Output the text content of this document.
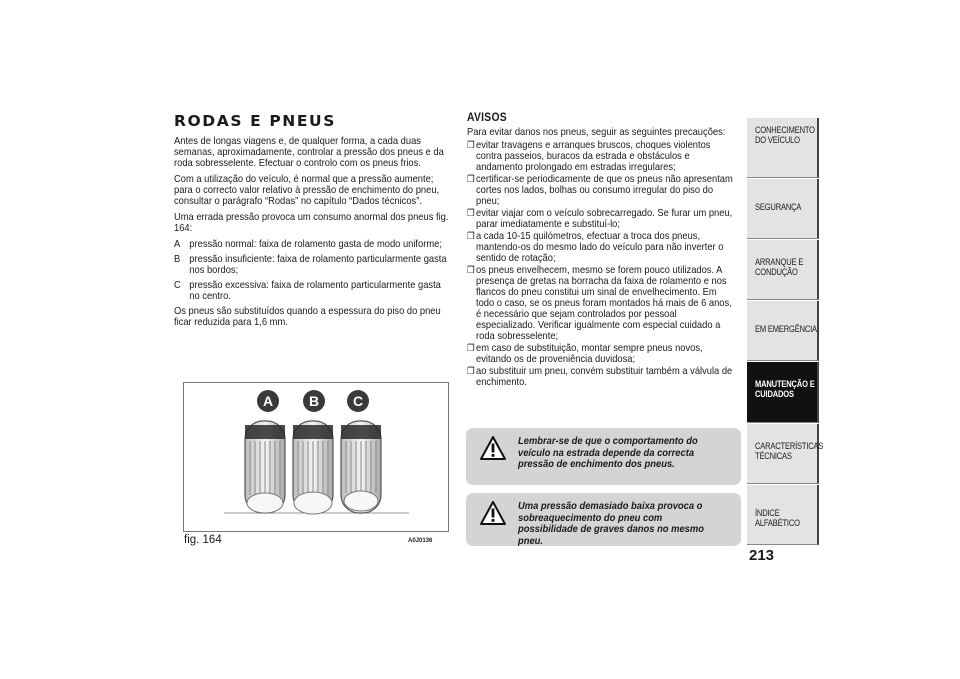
RODAS E PNEUS

Antes de longas viagens e, de qualquer forma, a cada duas semanas, aproximadamente, controlar a pressão dos pneus e da roda sobresselente. Efectuar o controlo com os pneus frios.

Com a utilização do veículo, é normal que a pressão aumente; para o correcto valor relativo à pressão de enchimento do pneu, consultar o parágrafo “Rodas” no capítulo “Dados técnicos”.

Uma errada pressão provoca um consumo anormal dos pneus fig. 164:

A pressão normal: faixa de rolamento gasta de modo uniforme;
B pressão insuficiente: faixa de rolamento particularmente gasta nos bordos;
C pressão excessiva: faixa de rolamento particularmente gasta no centro.

Os pneus são substituídos quando a espessura do piso do pneu ficar reduzida para 1,6 mm.

A	B C
fig. 164	A0J0136
AVISOS

Para evitar danos nos pneus, seguir as seguintes precauções:

❒ evitar travagens e arranques bruscos, choques violentos contra passeios, buracos da estrada e obstáculos e andamento prolongado em estradas irregulares;
❒ certificar-se periodicamente de que os pneus não apresentam cortes nos lados, bolhas ou consumo irregular do piso do pneu;
❒ evitar viajar com o veículo sobrecarregado. Se furar um pneu, parar imediatamente e substituí-lo;
❒ a cada 10-15 quilómetros, efectuar a troca dos pneus, mantendo-os do mesmo lado do veículo para não inverter o sentido de rotação;
❒ os pneus envelhecem, mesmo se forem pouco utilizados. A presença de gretas na borracha da faixa de rolamento e nos flancos do pneu constitui um sinal de envelhecimento. Em todo o caso, se os pneus foram montados há mais de 6 anos, é necessário que sejam controlados por pessoal especializado. Verificar igualmente com especial cuidado a roda sobresselente;
❒ em caso de substituição, montar sempre pneus novos, evitando os de proveniência duvidosa;
❒ ao substituir um pneu, convém substituir também a válvula de enchimento.
Lembrar-se de que o comportamento do veículo na estrada depende da correcta pressão de enchimento dos pneus.
Uma pressão demasiado baixa provoca o sobreaquecimento do pneu com possibilidade de graves danos no mesmo pneu.
CONHECIMENTO DO VEÍCULO
SEGURANÇA
ARRANQUE E CONDUÇÃO
EM EMERGÊNCIA
MANUTENÇÃO E CUIDADOS
CARACTERÍSTICAS TÉCNICAS
ÍNDICE ALFABÉTICO
213
